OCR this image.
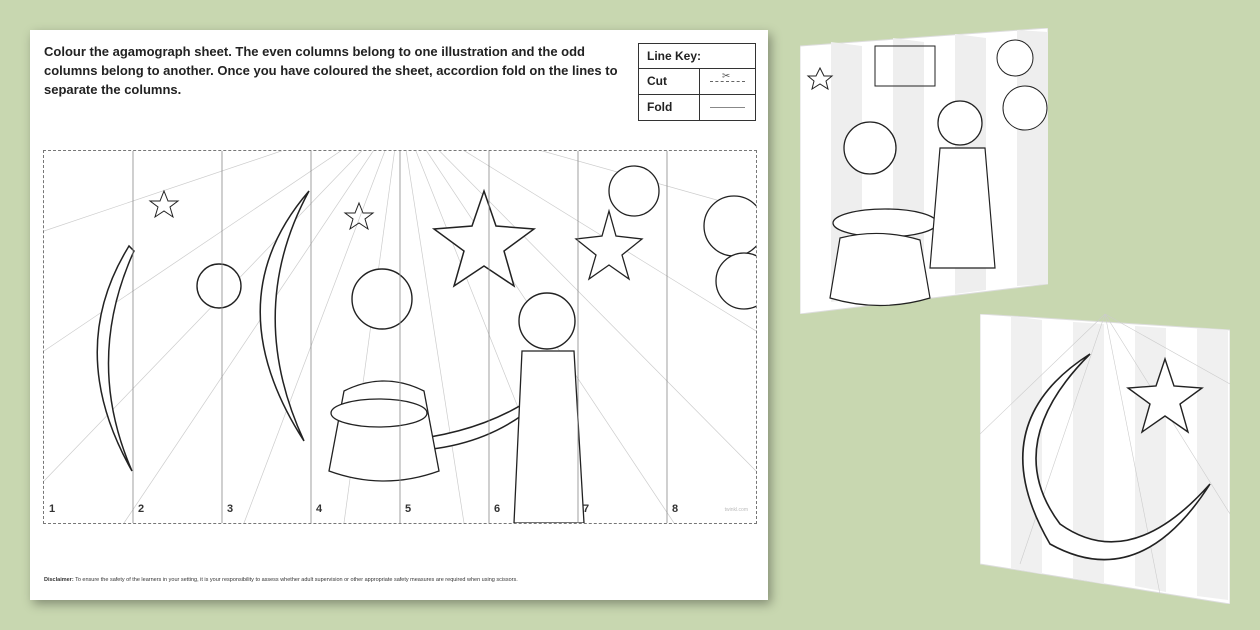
Colour the agamograph sheet. The even columns belong to one illustration and the odd columns belong to another. Once you have coloured the sheet, accordion fold on the lines to separate the columns.
Line Key:
Cut	✂
Fold
1	2	3	4	5	6	7	8	twinkl.com
Disclaimer: To ensure the safety of the learners in your setting, it is your responsibility to assess whether adult supervision or other appropriate safety measures are required when using scissors.
